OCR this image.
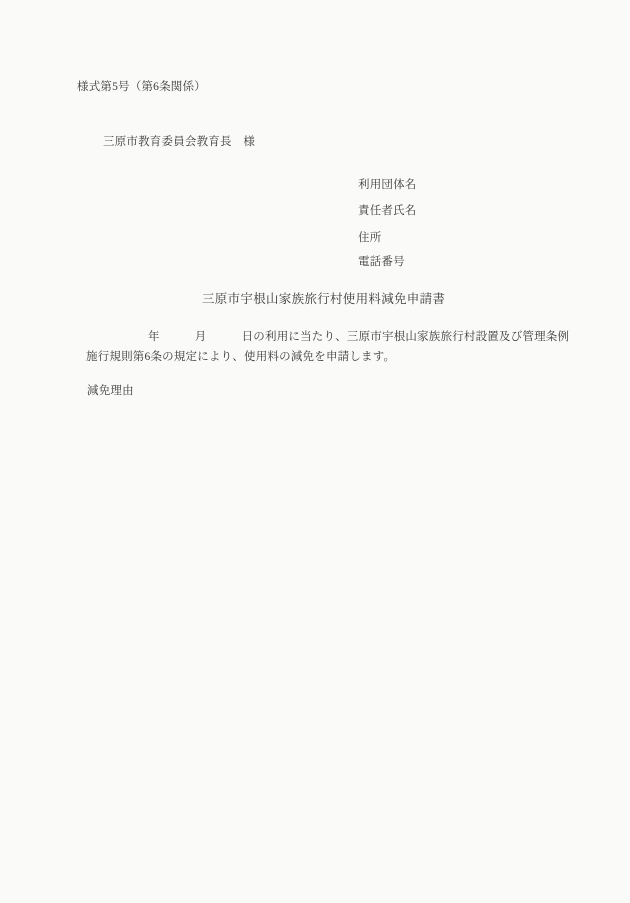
様式第5号（第6条関係）
三原市教育委員会教育長　様
利用団体名
責任者氏名
住所
電話番号
三原市宇根山家族旅行村使用料減免申請書
年　　　月　　　日の利用に当たり、三原市宇根山家族旅行村設置及び管理条例
施行規則第6条の規定により、使用料の減免を申請します。
減免理由
